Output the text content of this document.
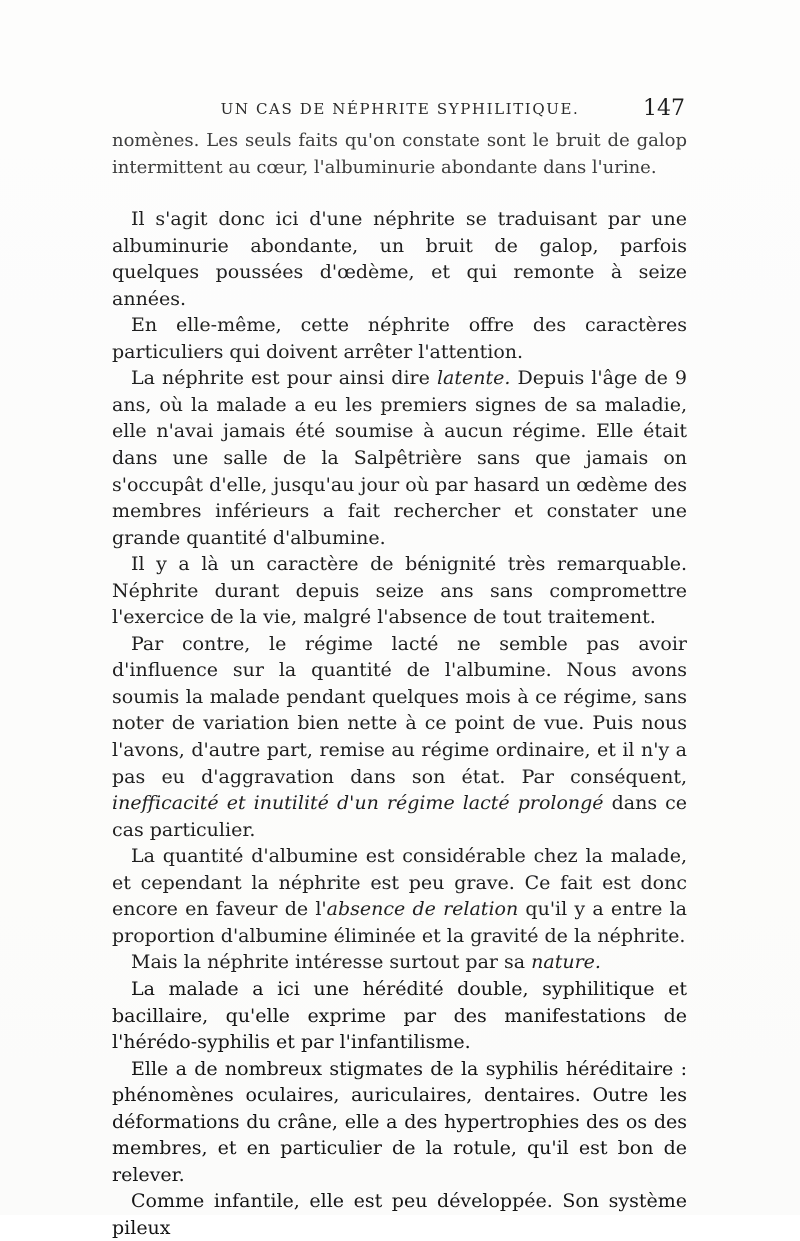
UN CAS DE NÉPHRITE SYPHILITIQUE.	147

nomènes. Les seuls faits qu'on constate sont le bruit de galop intermittent au cœur, l'albuminurie abondante dans l'urine.

Il s'agit donc ici d'une néphrite se traduisant par une albuminurie abondante, un bruit de galop, parfois quelques poussées d'œdème, et qui remonte à seize années.

En elle-même, cette néphrite offre des caractères particuliers qui doivent arrêter l'attention.

La néphrite est pour ainsi dire latente. Depuis l'âge de 9 ans, où la malade a eu les premiers signes de sa maladie, elle n'avai jamais été soumise à aucun régime. Elle était dans une salle de la Salpêtrière sans que jamais on s'occupât d'elle, jusqu'au jour où par hasard un œdème des membres inférieurs a fait rechercher et constater une grande quantité d'albumine.

Il y a là un caractère de bénignité très remarquable. Néphrite durant depuis seize ans sans compromettre l'exercice de la vie, malgré l'absence de tout traitement.

Par contre, le régime lacté ne semble pas avoir d'influence sur la quantité de l'albumine. Nous avons soumis la malade pendant quelques mois à ce régime, sans noter de variation bien nette à ce point de vue. Puis nous l'avons, d'autre part, remise au régime ordinaire, et il n'y a pas eu d'aggravation dans son état. Par conséquent, inefficacité et inutilité d'un régime lacté prolongé dans ce cas particulier.

La quantité d'albumine est considérable chez la malade, et cependant la néphrite est peu grave. Ce fait est donc encore en faveur de l'absence de relation qu'il y a entre la proportion d'albumine éliminée et la gravité de la néphrite.

Mais la néphrite intéresse surtout par sa nature.

La malade a ici une hérédité double, syphilitique et bacillaire, qu'elle exprime par des manifestations de l'hérédo-syphilis et par l'infantilisme.

Elle a de nombreux stigmates de la syphilis héréditaire : phénomènes oculaires, auriculaires, dentaires. Outre les déformations du crâne, elle a des hypertrophies des os des membres, et en particulier de la rotule, qu'il est bon de relever.

Comme infantile, elle est peu développée. Son système pileux
